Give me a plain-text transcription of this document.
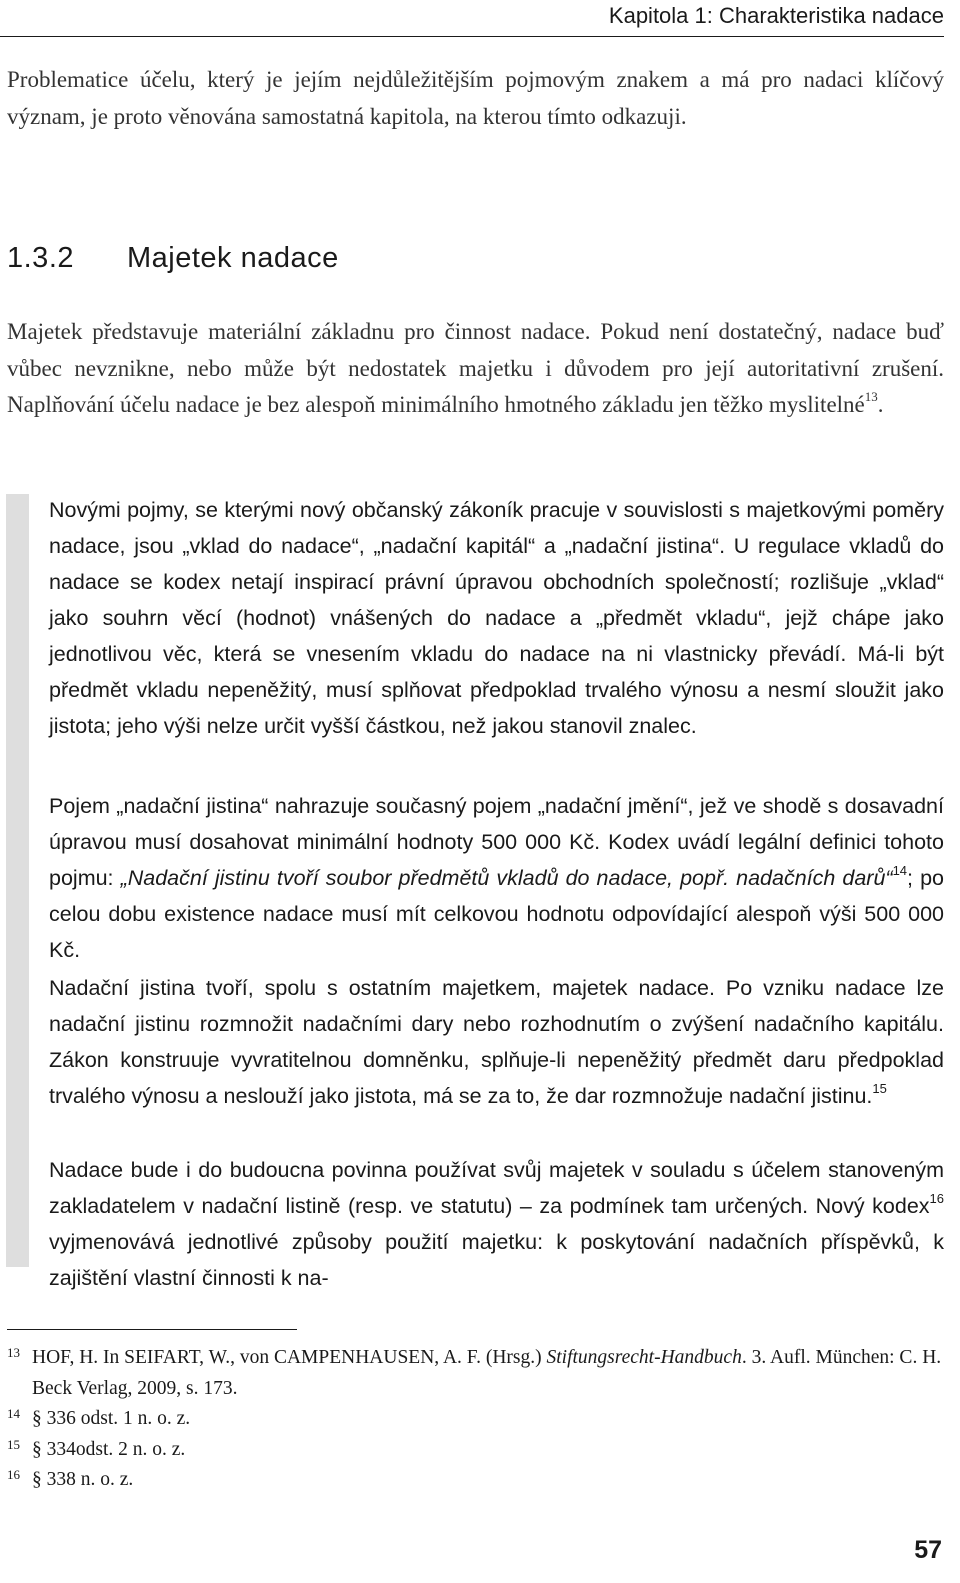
Kapitola 1: Charakteristika nadace

Problematice účelu, který je jejím nejdůležitějším pojmovým znakem a má pro nadaci klíčový význam, je proto věnována samostatná kapitola, na kterou tímto odkazuji.

1.3.2 Majetek nadace

Majetek představuje materiální základnu pro činnost nadace. Pokud není dostatečný, nadace buď vůbec nevznikne, nebo může být nedostatek majetku i důvodem pro její autoritativní zrušení. Naplňování účelu nadace je bez alespoň minimálního hmotného základu jen těžko myslitelné$^{13}$.

Novými pojmy, se kterými nový občanský zákoník pracuje v souvislosti s majetkovými poměry nadace, jsou „vklad do nadace“, „nadační kapitál“ a „nadační jistina“. U regulace vkladů do nadace se kodex netají inspirací právní úpravou obchodních společností; rozlišuje „vklad“ jako souhrn věcí (hodnot) vnášených do nadace a „předmět vkladu“, jejž chápe jako jednotlivou věc, která se vnesením vkladu do nadace na ni vlastnicky převádí. Má-li být předmět vkladu nepeněžitý, musí splňovat předpoklad trvalého výnosu a nesmí sloužit jako jistota; jeho výši nelze určit vyšší částkou, než jakou stanovil znalec.

Pojem „nadační jistina“ nahrazuje současný pojem „nadační jmění“, jež ve shodě s dosavadní úpravou musí dosahovat minimální hodnoty 500 000 Kč. Kodex uvádí legální definici tohoto pojmu: „Nadační jistinu tvoří soubor předmětů vkladů do nadace, popř. nadačních darů“$^{14}$; po celou dobu existence nadace musí mít celkovou hodnotu odpovídající alespoň výši 500 000 Kč.

Nadační jistina tvoří, spolu s ostatním majetkem, majetek nadace. Po vzniku nadace lze nadační jistinu rozmnožit nadačními dary nebo rozhodnutím o zvýšení nadačního kapitálu. Zákon konstruuje vyvratitelnou domněnku, splňuje-li nepeněžitý předmět daru předpoklad trvalého výnosu a neslouží jako jistota, má se za to, že dar rozmnožuje nadační jistinu.$^{15}$

Nadace bude i do budoucna povinna používat svůj majetek v souladu s účelem stanoveným zakladatelem v nadační listině (resp. ve statutu) – za podmínek tam určených. Nový kodex$^{16}$ vyjmenovává jednotlivé způsoby použití majetku: k poskytování nadačních příspěvků, k zajištění vlastní činnosti k na-

13 HOF, H. In SEIFART, W., von CAMPENHAUSEN, A. F. (Hrsg.) Stiftungsrecht-Handbuch. 3. Aufl. München: C. H. Beck Verlag, 2009, s. 173.

14 § 336 odst. 1 n. o. z.

15 § 334odst. 2 n. o. z.

16 § 338 n. o. z.

57
